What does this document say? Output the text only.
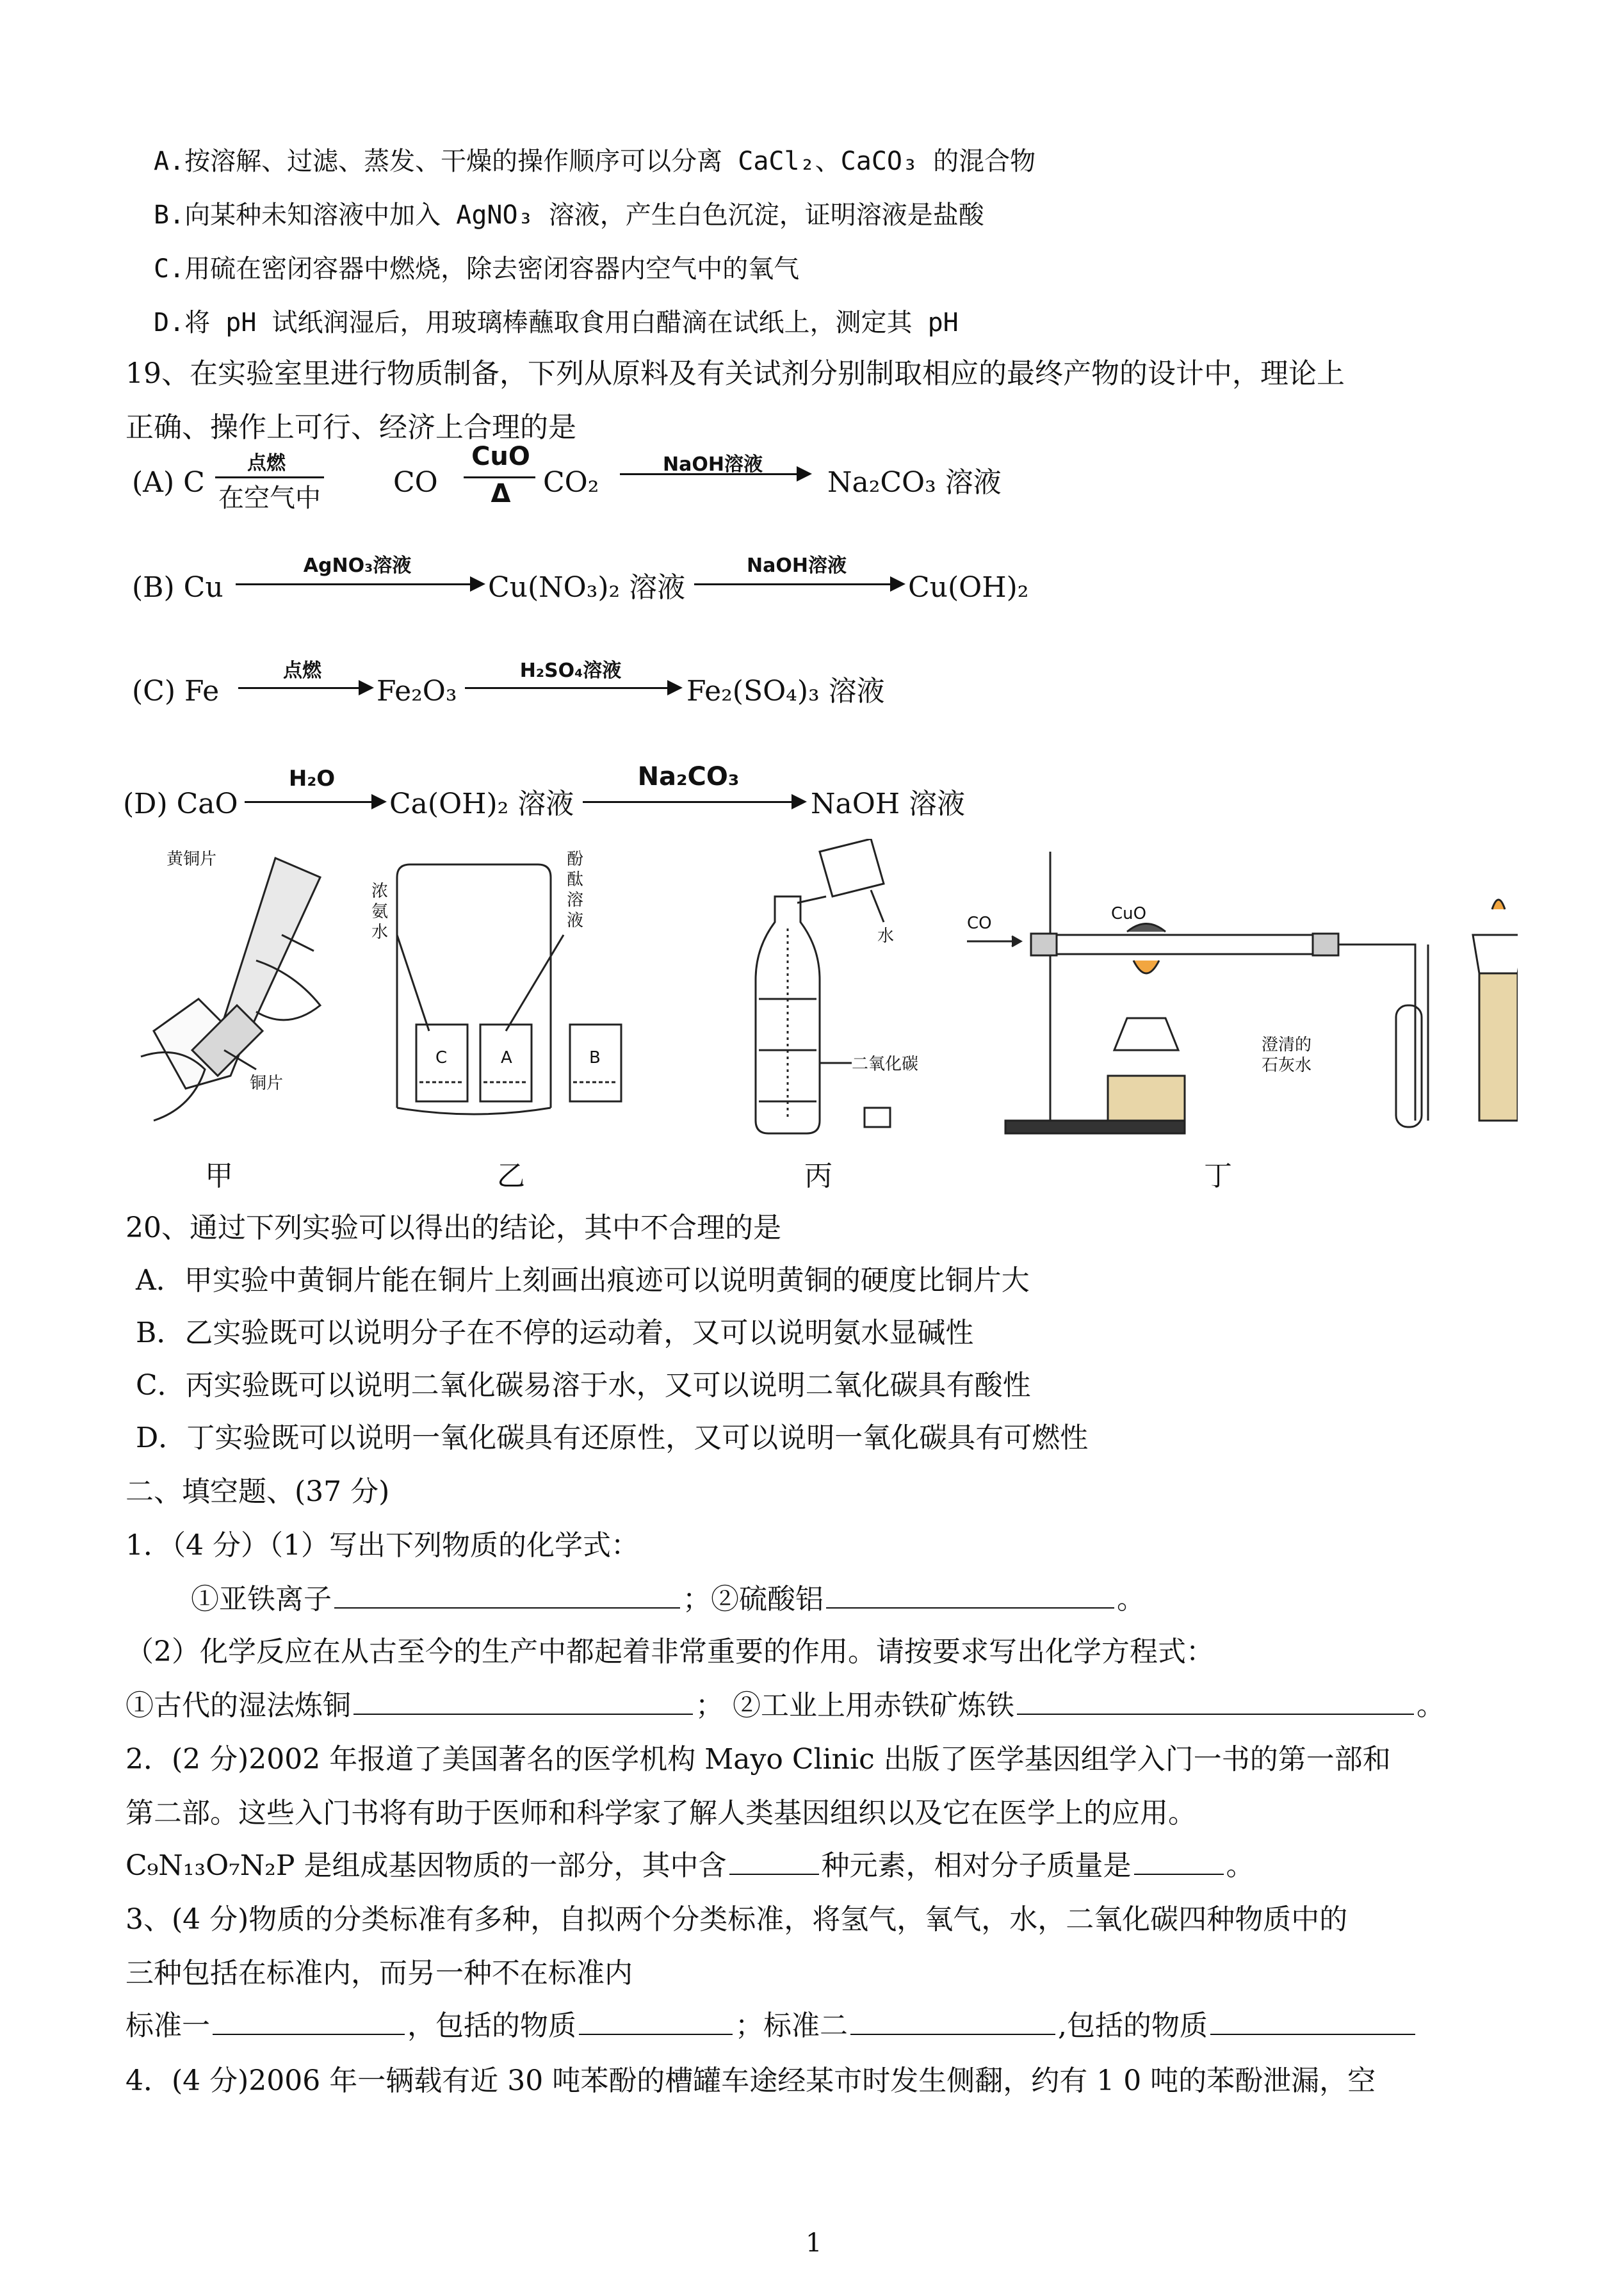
A.按溶解、过滤、蒸发、干燥的操作顺序可以分离 CaCl₂、CaCO₃ 的混合物
B.向某种未知溶液中加入 AgNO₃ 溶液，产生白色沉淀，证明溶液是盐酸
C.用硫在密闭容器中燃烧，除去密闭容器内空气中的氧气
D.将 pH 试纸润湿后，用玻璃棒蘸取食用白醋滴在试纸上，测定其 pH
19、在实验室里进行物质制备，下列从原料及有关试剂分别制取相应的最终产物的设计中，理论上
正确、操作上可行、经济上合理的是
(A) C
点燃
在空气中	CO
CuO
Δ	CO₂
NaOH溶液
Na₂CO₃ 溶液
(B) Cu
AgNO₃溶液
Cu(NO₃)₂ 溶液
NaOH溶液
Cu(OH)₂
(C) Fe
点燃
Fe₂O₃
H₂SO₄溶液
Fe₂(SO₄)₃ 溶液
(D) CaO
H₂O
Ca(OH)₂ 溶液
Na₂CO₃
NaOH 溶液
黄铜片
铜片
甲
C	A	B
浓氨水
酚酞溶液
乙
水
二氧化碳
丙
CO	CuO
澄清的
石灰水
丁
20、通过下列实验可以得出的结论，其中不合理的是
A．甲实验中黄铜片能在铜片上刻画出痕迹可以说明黄铜的硬度比铜片大
B．乙实验既可以说明分子在不停的运动着，又可以说明氨水显碱性
C．丙实验既可以说明二氧化碳易溶于水，又可以说明二氧化碳具有酸性
D．丁实验既可以说明一氧化碳具有还原性，又可以说明一氧化碳具有可燃性
二、填空题、(37 分)
1．（4 分）（1）写出下列物质的化学式：
①亚铁离子	；②硫酸铝	。
（2）化学反应在从古至今的生产中都起着非常重要的作用。请按要求写出化学方程式：
①古代的湿法炼铜	； ②工业上用赤铁矿炼铁	。
2．(2 分)2002 年报道了美国著名的医学机构 Mayo Clinic 出版了医学基因组学入门一书的第一部和
第二部。这些入门书将有助于医师和科学家了解人类基因组织以及它在医学上的应用。
C₉N₁₃O₇N₂P 是组成基因物质的一部分，其中含	种元素，相对分子质量是	。
3、(4 分)物质的分类标准有多种，自拟两个分类标准，将氢气，氧气，水，二氧化碳四种物质中的
三种包括在标准内，而另一种不在标准内
标准一	，包括的物质	；标准二	,包括的物质
4．(4 分)2006 年一辆载有近 30 吨苯酚的槽罐车途经某市时发生侧翻，约有 1 0 吨的苯酚泄漏，空
1
